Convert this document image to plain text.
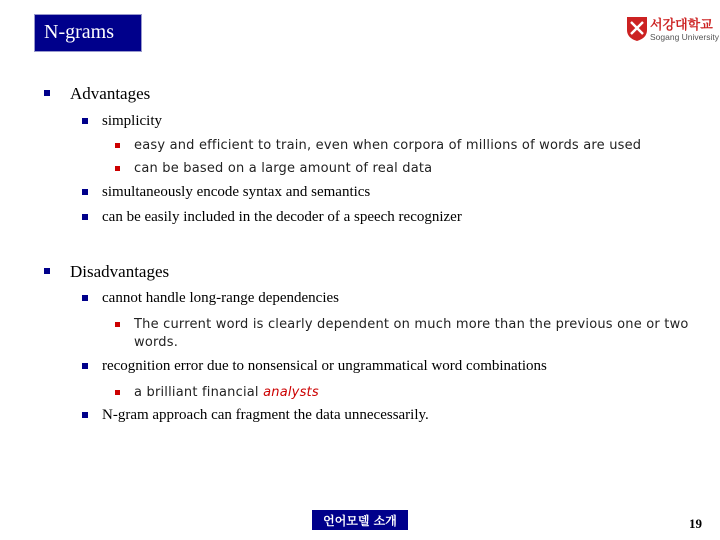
N-grams	서강대학교
Sogang University
Advantages
simplicity
easy and efficient to train, even when corpora of millions of words are used
can be based on a large amount of real data
simultaneously encode syntax and semantics
can be easily included in the decoder of a speech recognizer
Disadvantages
cannot handle long-range dependencies
The current word is clearly dependent on much more than the previous one or two
words.
recognition error due to nonsensical or ungrammatical word combinations
a brilliant financial analysts
N-gram approach can fragment the data unnecessarily.
언어모델 소개	19
